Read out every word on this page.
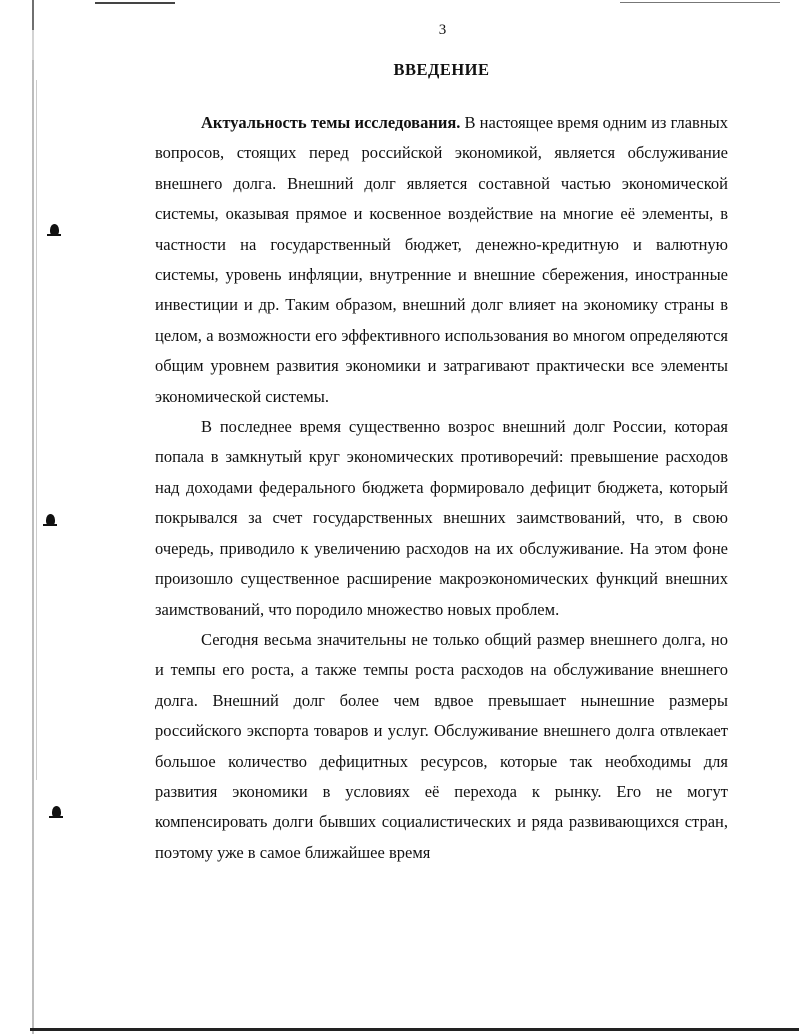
3
ВВЕДЕНИЕ

Актуальность темы исследования. В настоящее время одним из главных вопросов, стоящих перед российской экономикой, является обслуживание внешнего долга. Внешний долг является составной частью экономической системы, оказывая прямое и косвенное воздействие на многие её элементы, в частности на государственный бюджет, денежно-кредитную и валютную системы, уровень инфляции, внутренние и внешние сбережения, иностранные инвестиции и др. Таким образом, внешний долг влияет на экономику страны в целом, а возможности его эффективного использования во многом определяются общим уровнем развития экономики и затрагивают практически все элементы экономической системы.

В последнее время существенно возрос внешний долг России, которая попала в замкнутый круг экономических противоречий: превышение расходов над доходами федерального бюджета формировало дефицит бюджета, который покрывался за счет государственных внешних заимствований, что, в свою очередь, приводило к увеличению расходов на их обслуживание. На этом фоне произошло существенное расширение макроэкономических функций внешних заимствований, что породило множество новых проблем.

Сегодня весьма значительны не только общий размер внешнего долга, но и темпы его роста, а также темпы роста расходов на обслуживание внешнего долга. Внешний долг более чем вдвое превышает нынешние размеры российского экспорта товаров и услуг. Обслуживание внешнего долга отвлекает большое количество дефицитных ресурсов, которые так необходимы для развития экономики в условиях её перехода к рынку. Его не могут компенсировать долги бывших социалистических и ряда развивающихся стран, поэтому уже в самое ближайшее время
